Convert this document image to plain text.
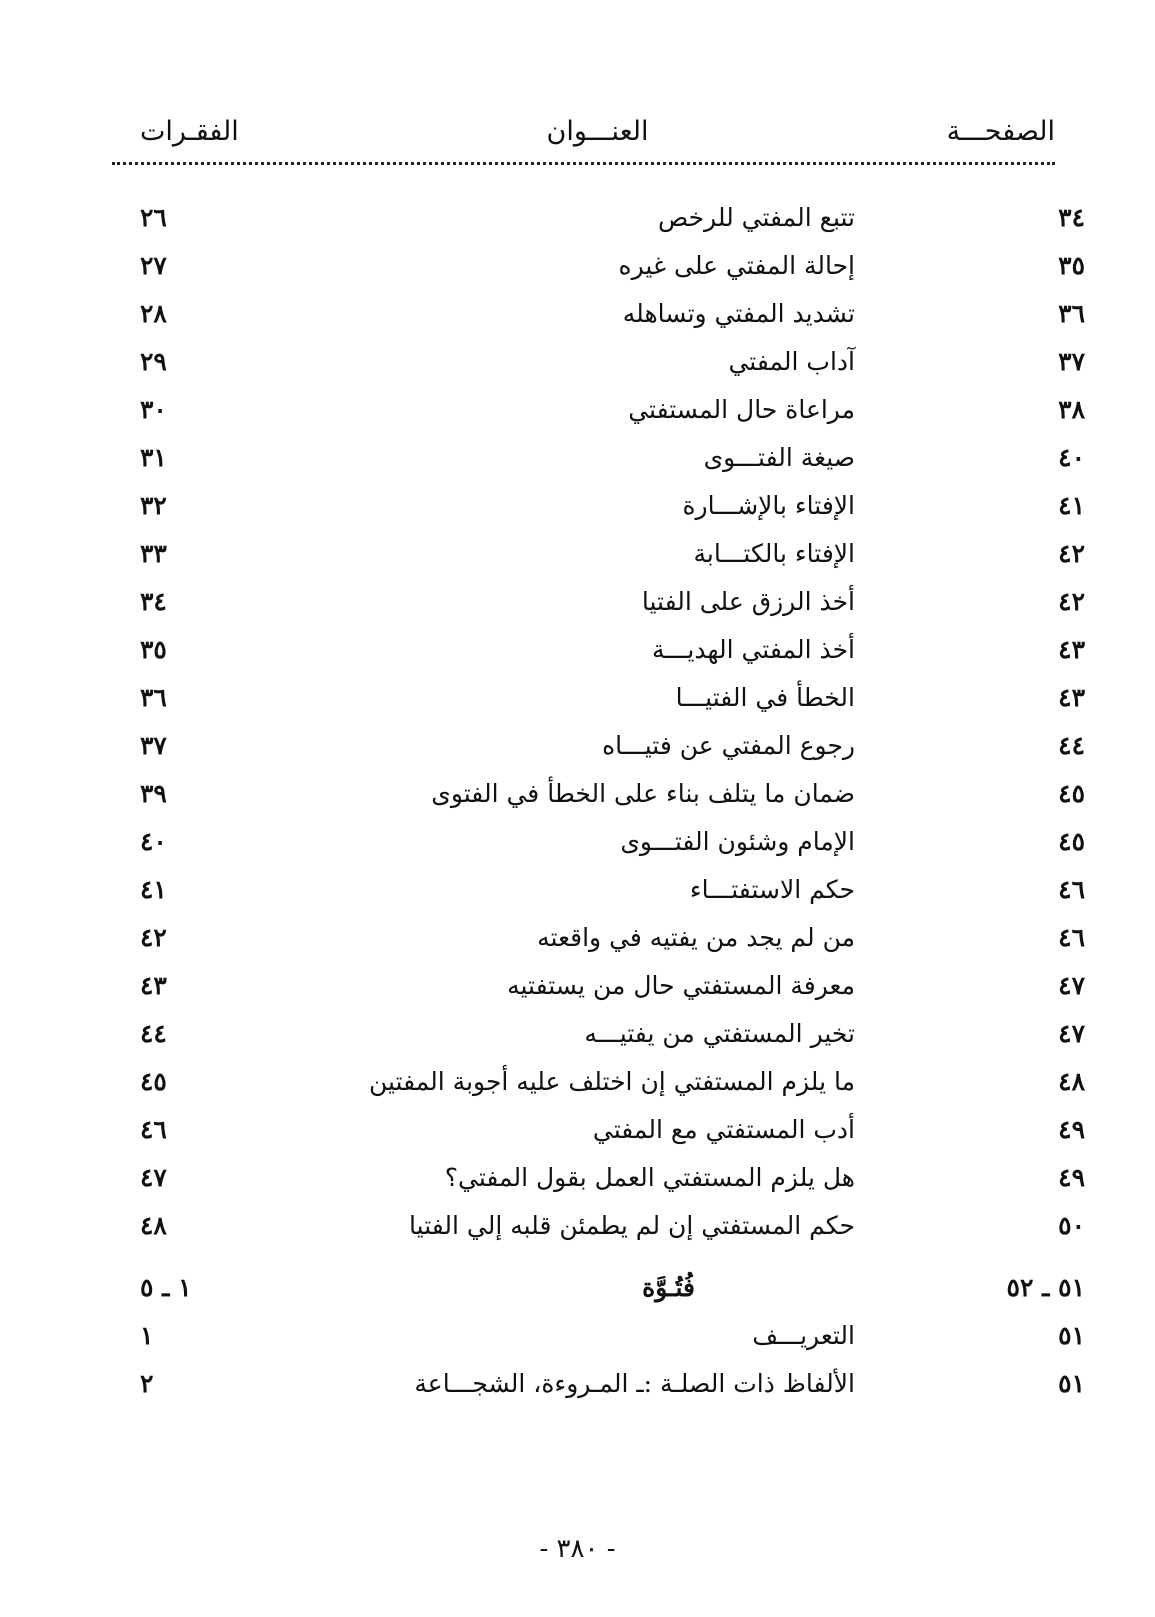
الصفحـــة
العنـــوان
الفقـرات
٣٤
تتبع المفتي للرخص
٢٦
٣٥
إحالة المفتي على غيره
٢٧
٣٦
تشديد المفتي وتساهله
٢٨
٣٧
آداب المفتي
٢٩
٣٨
مراعاة حال المستفتي
٣٠
٤٠
صيغة الفتـــوى
٣١
٤١
الإفتاء بالإشـــارة
٣٢
٤٢
الإفتاء بالكتـــابة
٣٣
٤٢
أخذ الرزق على الفتيا
٣٤
٤٣
أخذ المفتي الهديـــة
٣٥
٤٣
الخطأ في الفتيـــا
٣٦
٤٤
رجوع المفتي عن فتيـــاه
٣٧
٤٥
ضمان ما يتلف بناء على الخطأ في الفتوى
٣٩
٤٥
الإمام وشئون الفتـــوى
٤٠
٤٦
حكم الاستفتـــاء
٤١
٤٦
من لم يجد من يفتيه في واقعته
٤٢
٤٧
معرفة المستفتي حال من يستفتيه
٤٣
٤٧
تخير المستفتي من يفتيـــه
٤٤
٤٨
ما يلزم المستفتي إن اختلف عليه أجوبة المفتين
٤٥
٤٩
أدب المستفتي مع المفتي
٤٦
٤٩
هل يلزم المستفتي العمل بقول المفتي؟
٤٧
٥٠
حكم المستفتي إن لم يطمئن قلبه إلي الفتيا
٤٨
٥١ ـ ٥٢
فُتُـوَّة
١ ـ ٥
٥١
التعريـــف
١
٥١
الألفاظ ذات الصلـة :ـ المـروءة، الشجـــاعة
٢
- ٣٨٠ -
